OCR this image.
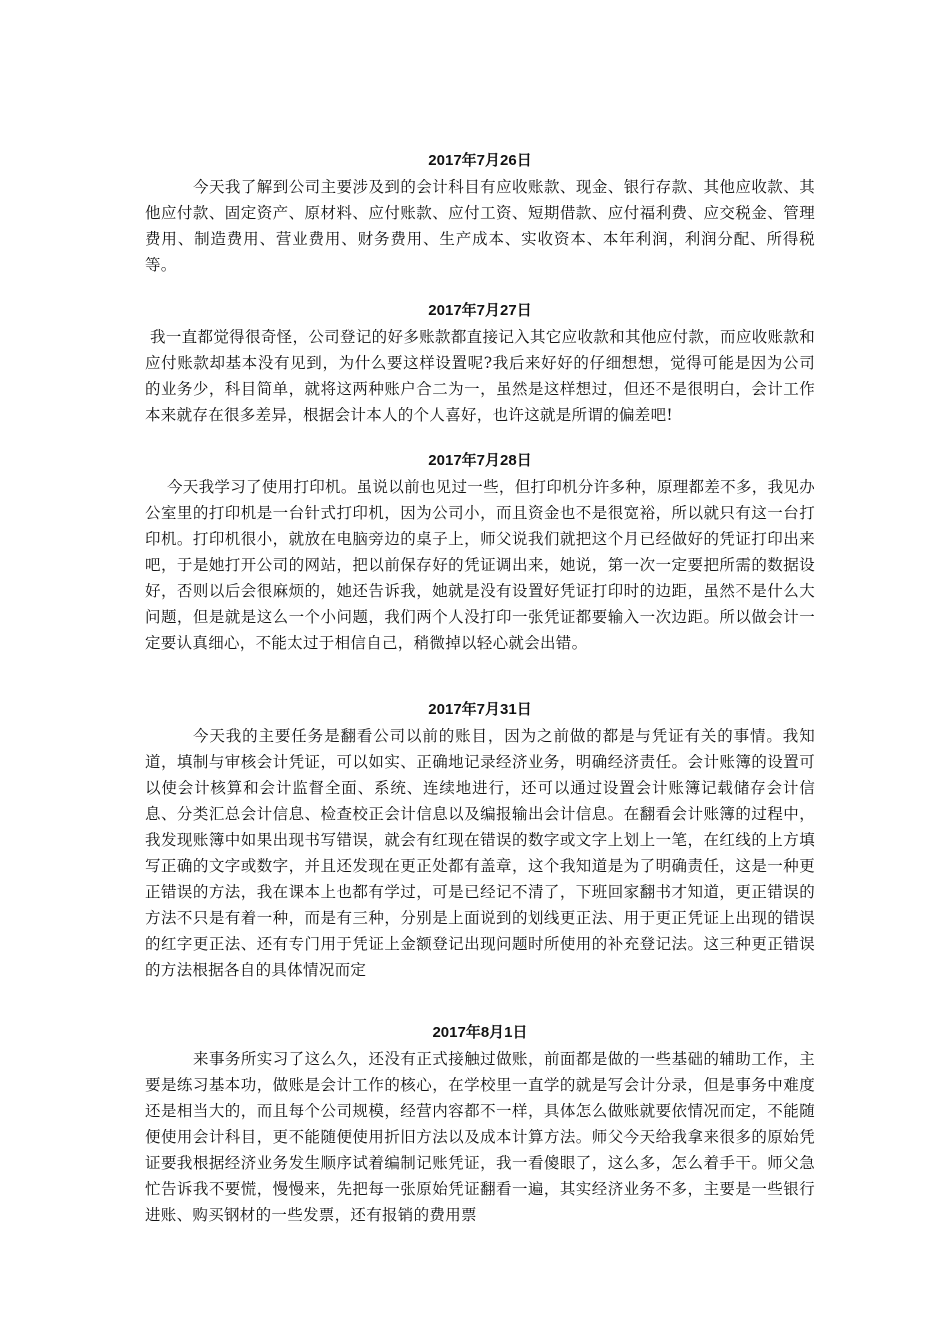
2017年7月26日

今天我了解到公司主要涉及到的会计科目有应收账款、现金、银行存款、其他应收款、其他应付款、固定资产、原材料、应付账款、应付工资、短期借款、应付福利费、应交税金、管理费用、制造费用、营业费用、财务费用、生产成本、实收资本、本年利润，利润分配、所得税等。

2017年7月27日

我一直都觉得很奇怪，公司登记的好多账款都直接记入其它应收款和其他应付款，而应收账款和应付账款却基本没有见到，为什么要这样设置呢?我后来好好的仔细想想，觉得可能是因为公司的业务少，科目简单，就将这两种账户合二为一，虽然是这样想过，但还不是很明白，会计工作本来就存在很多差异，根据会计本人的个人喜好，也许这就是所谓的偏差吧!

2017年7月28日

今天我学习了使用打印机。虽说以前也见过一些，但打印机分许多种，原理都差不多，我见办公室里的打印机是一台针式打印机，因为公司小，而且资金也不是很宽裕，所以就只有这一台打印机。打印机很小，就放在电脑旁边的桌子上，师父说我们就把这个月已经做好的凭证打印出来吧，于是她打开公司的网站，把以前保存好的凭证调出来，她说，第一次一定要把所需的数据设好，否则以后会很麻烦的，她还告诉我，她就是没有设置好凭证打印时的边距，虽然不是什么大问题，但是就是这么一个小问题，我们两个人没打印一张凭证都要输入一次边距。所以做会计一定要认真细心，不能太过于相信自己，稍微掉以轻心就会出错。

2017年7月31日

今天我的主要任务是翻看公司以前的账目，因为之前做的都是与凭证有关的事情。我知道，填制与审核会计凭证，可以如实、正确地记录经济业务，明确经济责任。会计账簿的设置可以使会计核算和会计监督全面、系统、连续地进行，还可以通过设置会计账簿记载储存会计信息、分类汇总会计信息、检查校正会计信息以及编报输出会计信息。在翻看会计账簿的过程中，我发现账簿中如果出现书写错误，就会有红现在错误的数字或文字上划上一笔，在红线的上方填写正确的文字或数字，并且还发现在更正处都有盖章，这个我知道是为了明确责任，这是一种更正错误的方法，我在课本上也都有学过，可是已经记不清了，下班回家翻书才知道，更正错误的方法不只是有着一种，而是有三种，分别是上面说到的划线更正法、用于更正凭证上出现的错误的红字更正法、还有专门用于凭证上金额登记出现问题时所使用的补充登记法。这三种更正错误的方法根据各自的具体情况而定

2017年8月1日

来事务所实习了这么久，还没有正式接触过做账，前面都是做的一些基础的辅助工作，主要是练习基本功，做账是会计工作的核心，在学校里一直学的就是写会计分录，但是事务中难度还是相当大的，而且每个公司规模，经营内容都不一样，具体怎么做账就要依情况而定，不能随便使用会计科目，更不能随便使用折旧方法以及成本计算方法。师父今天给我拿来很多的原始凭证要我根据经济业务发生顺序试着编制记账凭证，我一看傻眼了，这么多，怎么着手干。师父急忙告诉我不要慌，慢慢来，先把每一张原始凭证翻看一遍，其实经济业务不多，主要是一些银行进账、购买钢材的一些发票，还有报销的费用票
